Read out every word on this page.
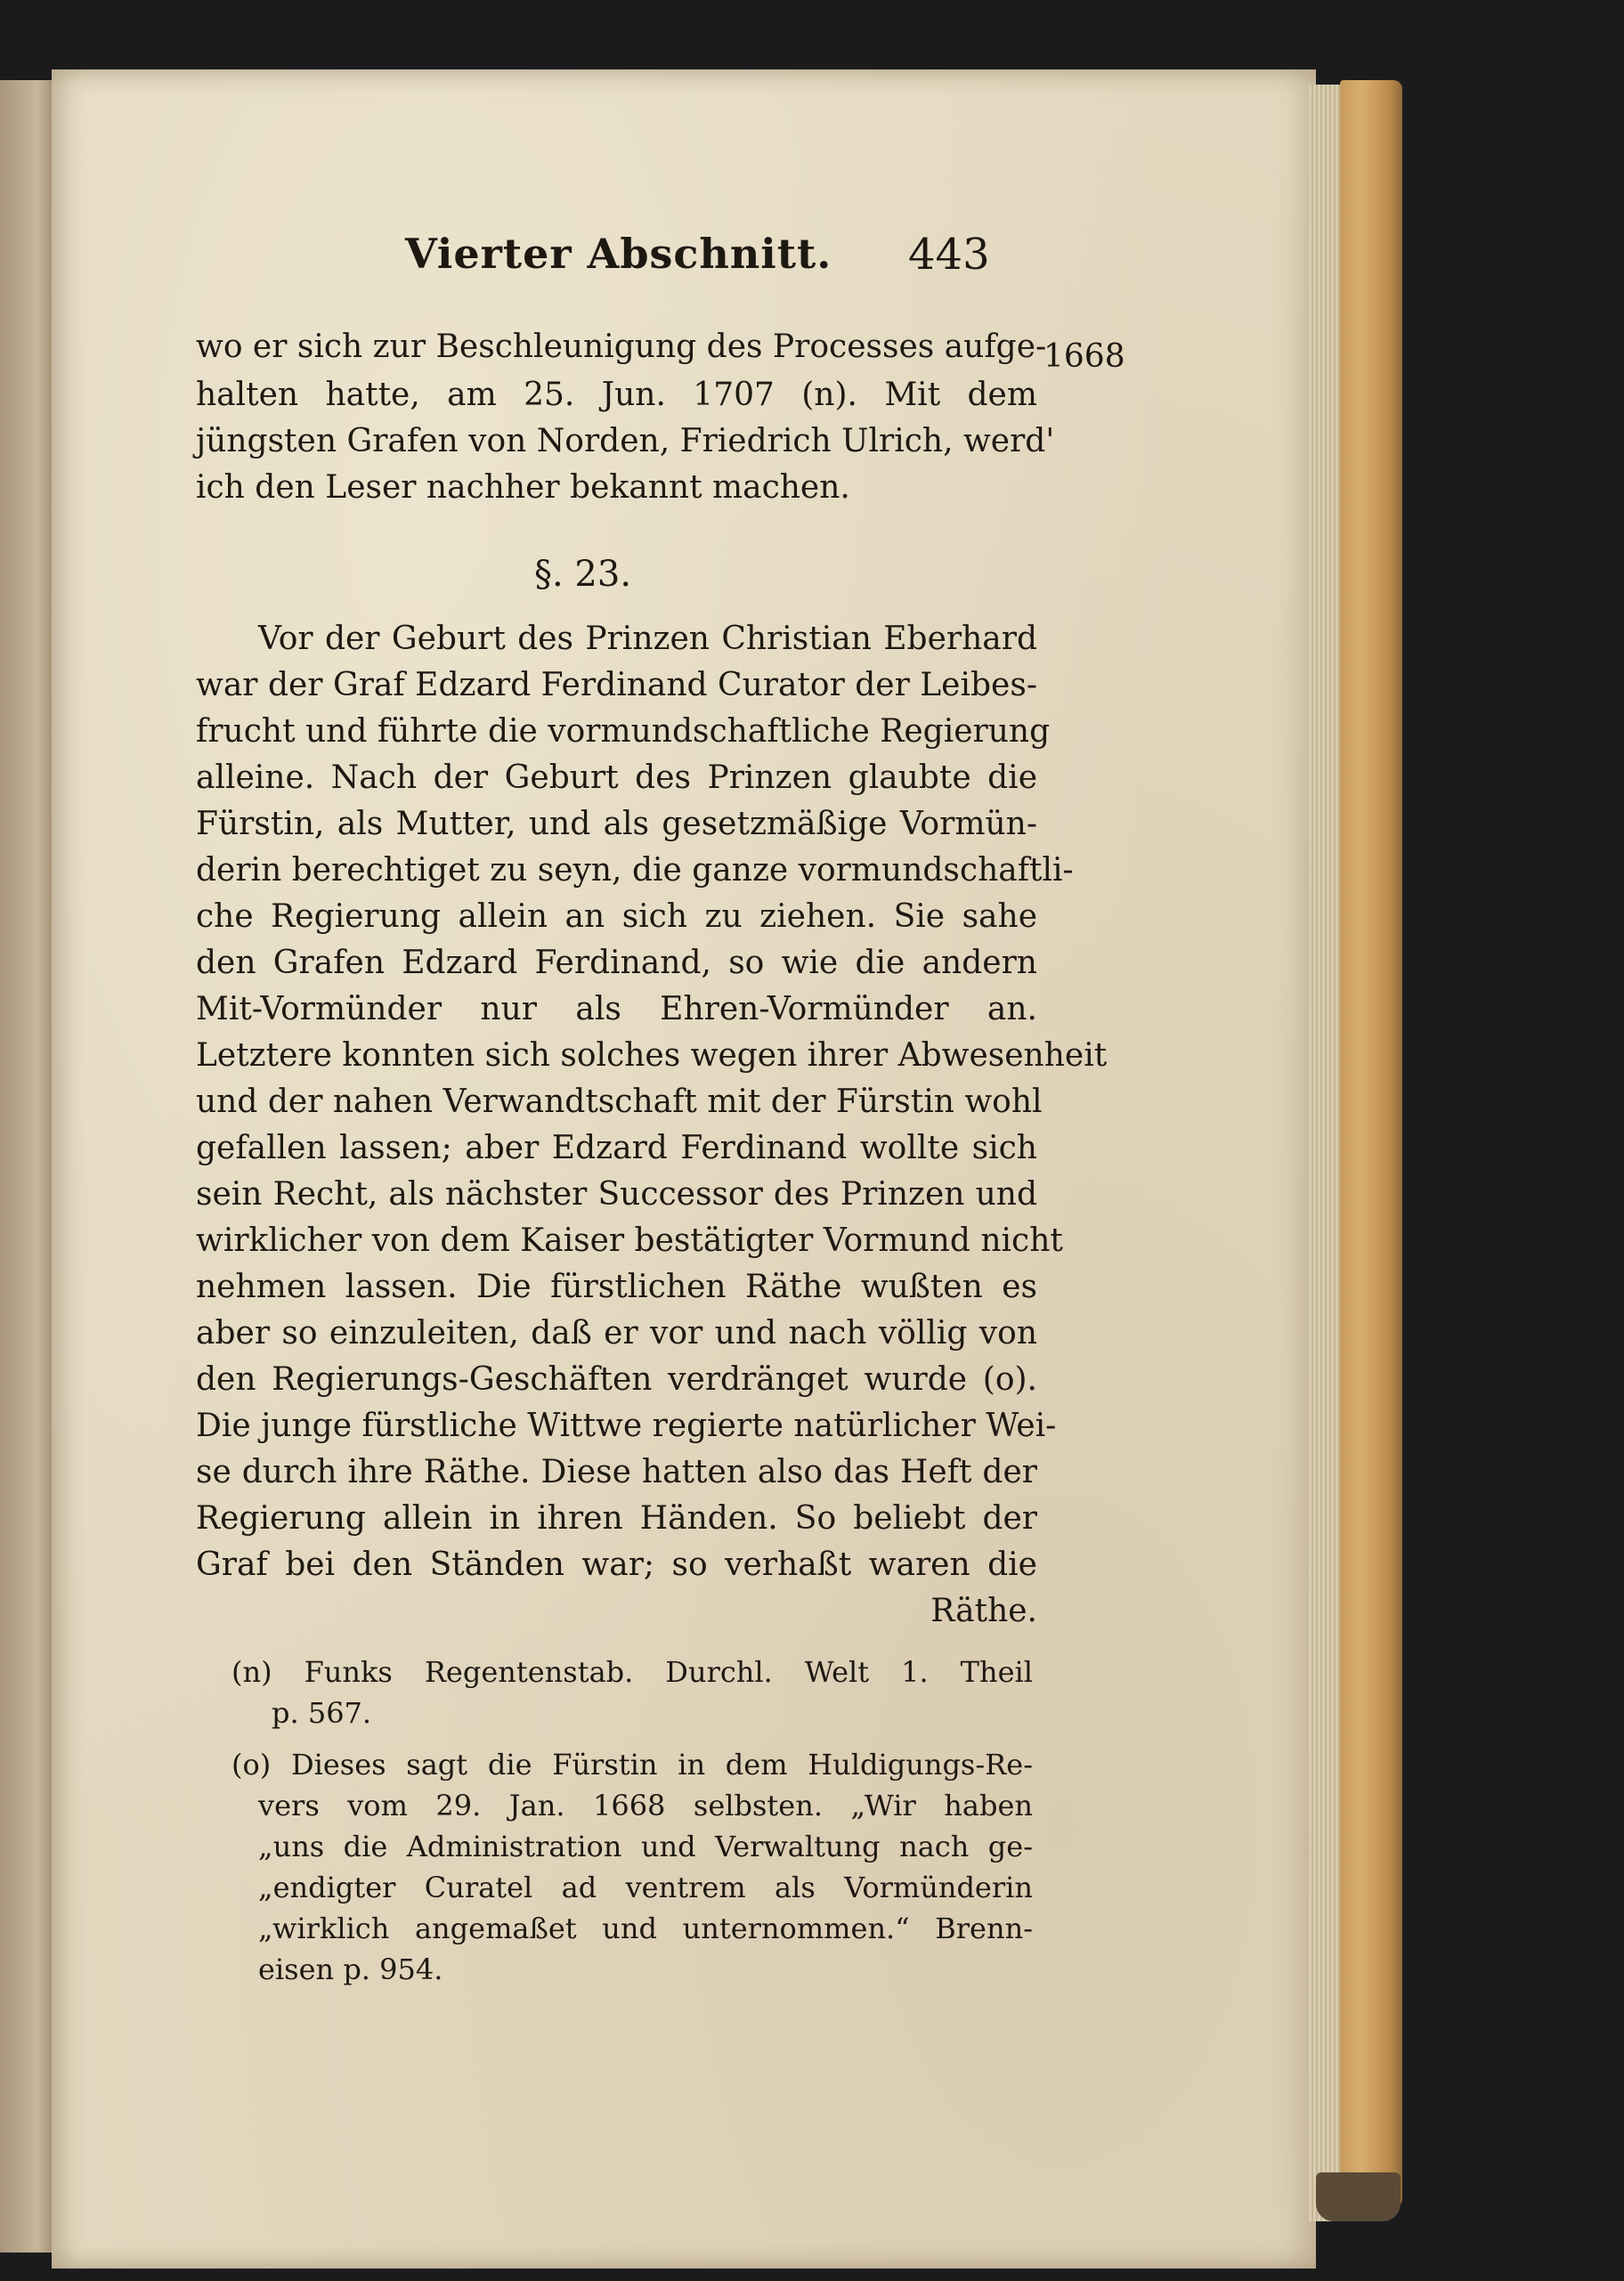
Vierter Abschnitt. 443
1668
wo er sich zur Beschleunigung des Processes aufge-
halten hatte, am 25. Jun. 1707 (n). Mit dem
jüngsten Grafen von Norden, Friedrich Ulrich, werd'
ich den Leser nachher bekannt machen.
§. 23.
Vor der Geburt des Prinzen Christian Eberhard
war der Graf Edzard Ferdinand Curator der Leibes-
frucht und führte die vormundschaftliche Regierung
alleine. Nach der Geburt des Prinzen glaubte die
Fürstin, als Mutter, und als gesetzmäßige Vormün-
derin berechtiget zu seyn, die ganze vormundschaftli-
che Regierung allein an sich zu ziehen. Sie sahe
den Grafen Edzard Ferdinand, so wie die andern
Mit-Vormünder nur als Ehren-Vormünder an.
Letztere konnten sich solches wegen ihrer Abwesenheit
und der nahen Verwandtschaft mit der Fürstin wohl
gefallen lassen; aber Edzard Ferdinand wollte sich
sein Recht, als nächster Successor des Prinzen und
wirklicher von dem Kaiser bestätigter Vormund nicht
nehmen lassen. Die fürstlichen Räthe wußten es
aber so einzuleiten, daß er vor und nach völlig von
den Regierungs-Geschäften verdränget wurde (o).
Die junge fürstliche Wittwe regierte natürlicher Wei-
se durch ihre Räthe. Diese hatten also das Heft der
Regierung allein in ihren Händen. So beliebt der
Graf bei den Ständen war; so verhaßt waren die
Räthe.
(n) Funks Regentenstab. Durchl. Welt 1. Theil
p. 567.
(o) Dieses sagt die Fürstin in dem Huldigungs-Re-
vers vom 29. Jan. 1668 selbsten. „Wir haben
„uns die Administration und Verwaltung nach ge-
„endigter Curatel ad ventrem als Vormünderin
„wirklich angemaßet und unternommen.“ Brenn-
eisen p. 954.
